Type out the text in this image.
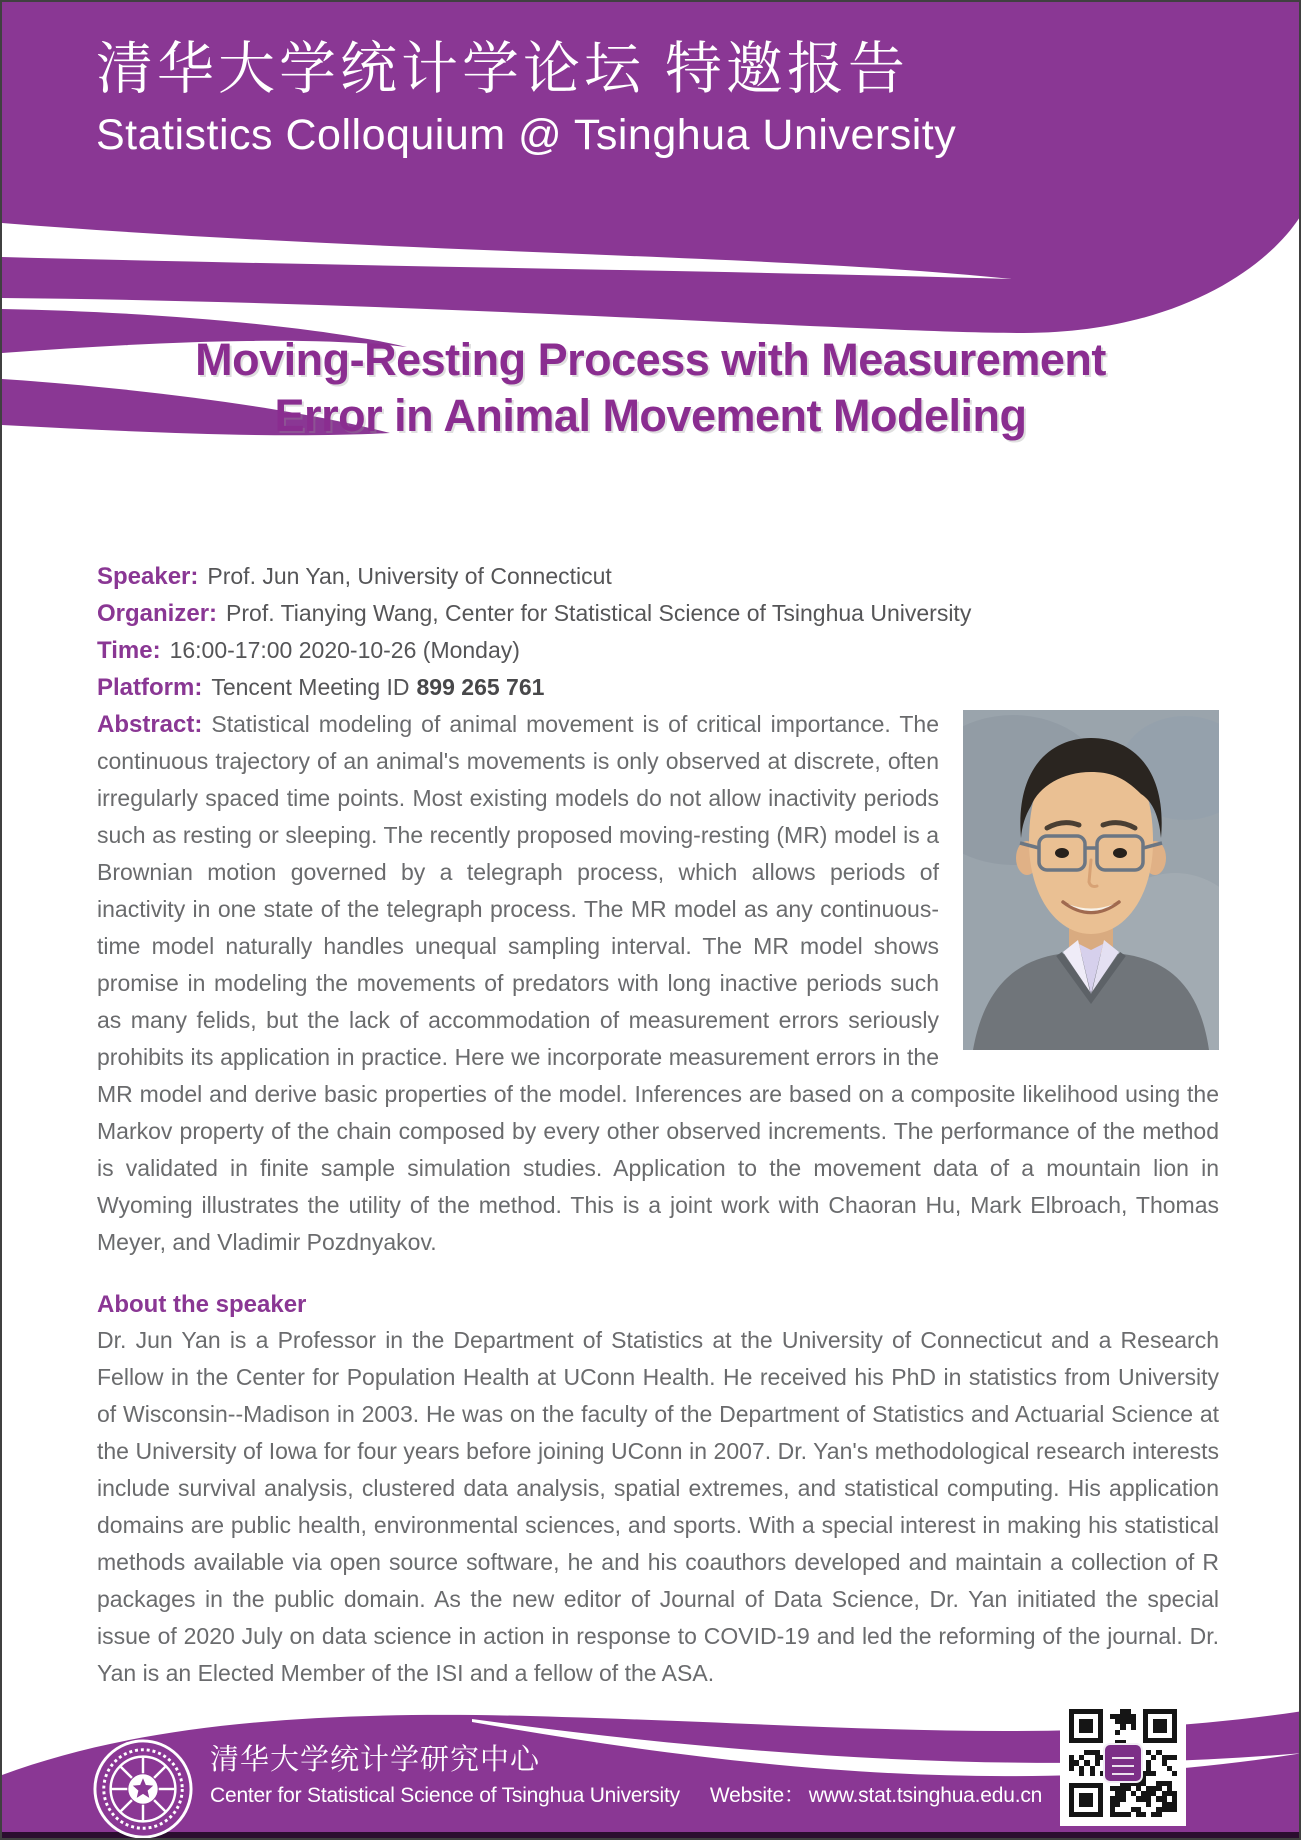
清华大学统计学论坛 特邀报告
Statistics Colloquium @ Tsinghua University
Moving-Resting Process with Measurement
Error in Animal Movement Modeling
Speaker: Prof. Jun Yan, University of Connecticut
Organizer: Prof. Tianying Wang, Center for Statistical Science of Tsinghua University
Time: 16:00-17:00 2020-10-26 (Monday)
Platform: Tencent Meeting ID 899 265 761

Abstract: Statistical modeling of animal movement is of critical importance. The continuous trajectory of an animal's movements is only observed at discrete, often irregularly spaced time points. Most existing models do not allow inactivity periods such as resting or sleeping. The recently proposed moving-resting (MR) model is a Brownian motion governed by a telegraph process, which allows periods of inactivity in one state of the telegraph process. The MR model as any continuous-time model naturally handles unequal sampling interval. The MR model shows promise in modeling the movements of predators with long inactive periods such as many felids, but the lack of accommodation of measurement errors seriously prohibits its application in practice. Here we incorporate measurement errors in the MR model and derive basic properties of the model. Inferences are based on a composite likelihood using the Markov property of the chain composed by every other observed increments. The performance of the method is validated in finite sample simulation studies. Application to the movement data of a mountain lion in Wyoming illustrates the utility of the method. This is a joint work with Chaoran Hu, Mark Elbroach, Thomas Meyer, and Vladimir Pozdnyakov.

About the speaker

Dr. Jun Yan is a Professor in the Department of Statistics at the University of Connecticut and a Research Fellow in the Center for Population Health at UConn Health. He received his PhD in statistics from University of Wisconsin--Madison in 2003. He was on the faculty of the Department of Statistics and Actuarial Science at the University of Iowa for four years before joining UConn in 2007. Dr. Yan's methodological research interests include survival analysis, clustered data analysis, spatial extremes, and statistical computing. His application domains are public health, environmental sciences, and sports. With a special interest in making his statistical methods available via open source software, he and his coauthors developed and maintain a collection of R packages in the public domain. As the new editor of Journal of Data Science, Dr. Yan initiated the special issue of 2020 July on data science in action in response to COVID-19 and led the reforming of the journal. Dr. Yan is an Elected Member of the ISI and a fellow of the ASA.

清华大学统计学研究中心
Center for Statistical Science of Tsinghua University Website： www.stat.tsinghua.edu.cn
